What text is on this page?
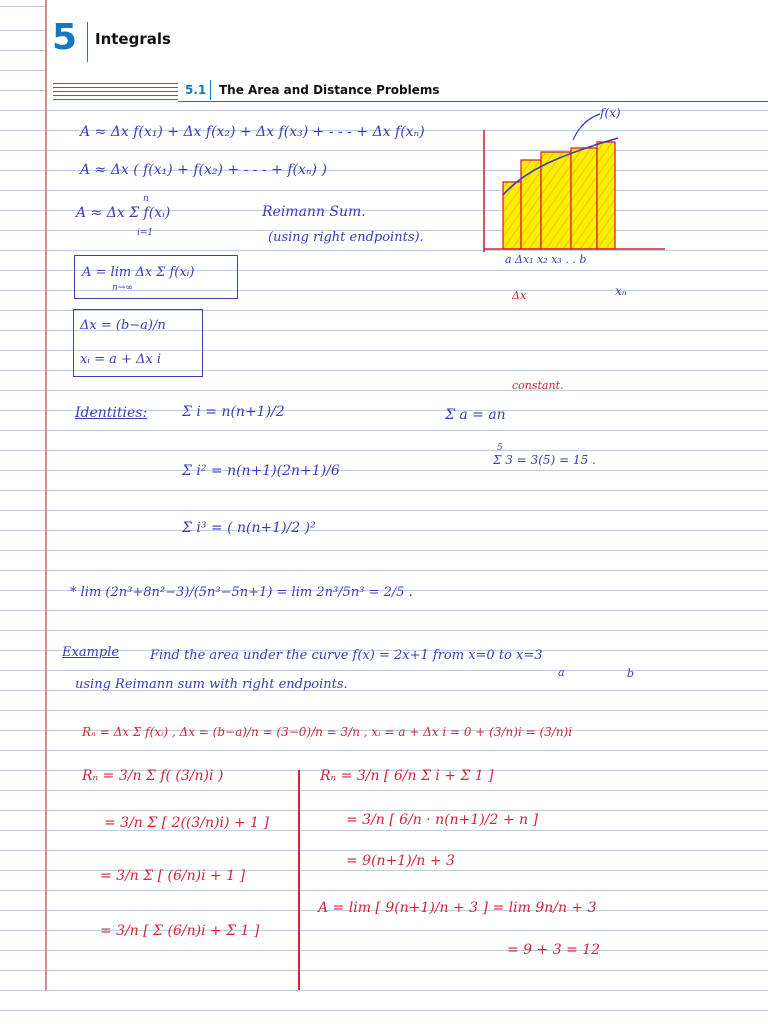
5 Integrals
5.1 The Area and Distance Problems
A ≈ Δx f(x₁) + Δx f(x₂) + Δx f(x₃) + - - - + Δx f(xₙ)
A ≈ Δx ( f(x₁) + f(x₂) + - - - + f(xₙ) )
A ≈ Δx Σ f(xᵢ)
n
i=1
Reimann Sum.
(using right endpoints).
A = lim Δx Σ f(xᵢ)
n→∞
Δx = (b−a)/n
xᵢ = a + Δx i
f(x)
a Δx₁ x₂ x₃ . . b
Δx	xₙ
Identities: Σ i = n(n+1)/2
Σ i² = n(n+1)(2n+1)/6
Σ i³ = ( n(n+1)/2 )²
constant.
Σ a = an
5
Σ 3 = 3(5) = 15 .
* lim (2n³+8n²−3)/(5n³−5n+1) = lim 2n³/5n³ = 2/5 .
Example Find the area under the curve f(x) = 2x+1 from x=0 to x=3
a	b
using Reimann sum with right endpoints.
Rₙ = Δx Σ f(xᵢ) , Δx = (b−a)/n = (3−0)/n = 3/n , xᵢ = a + Δx i = 0 + (3/n)i = (3/n)i
Rₙ = 3/n Σ f( (3/n)i )
= 3/n Σ [ 2((3/n)i) + 1 ]
= 3/n Σ [ (6/n)i + 1 ]
= 3/n [ Σ (6/n)i + Σ 1 ]
Rₙ = 3/n [ 6/n Σ i + Σ 1 ]
= 3/n [ 6/n · n(n+1)/2 + n ]
= 9(n+1)/n + 3
A = lim [ 9(n+1)/n + 3 ] = lim 9n/n + 3
= 9 + 3 = 12
